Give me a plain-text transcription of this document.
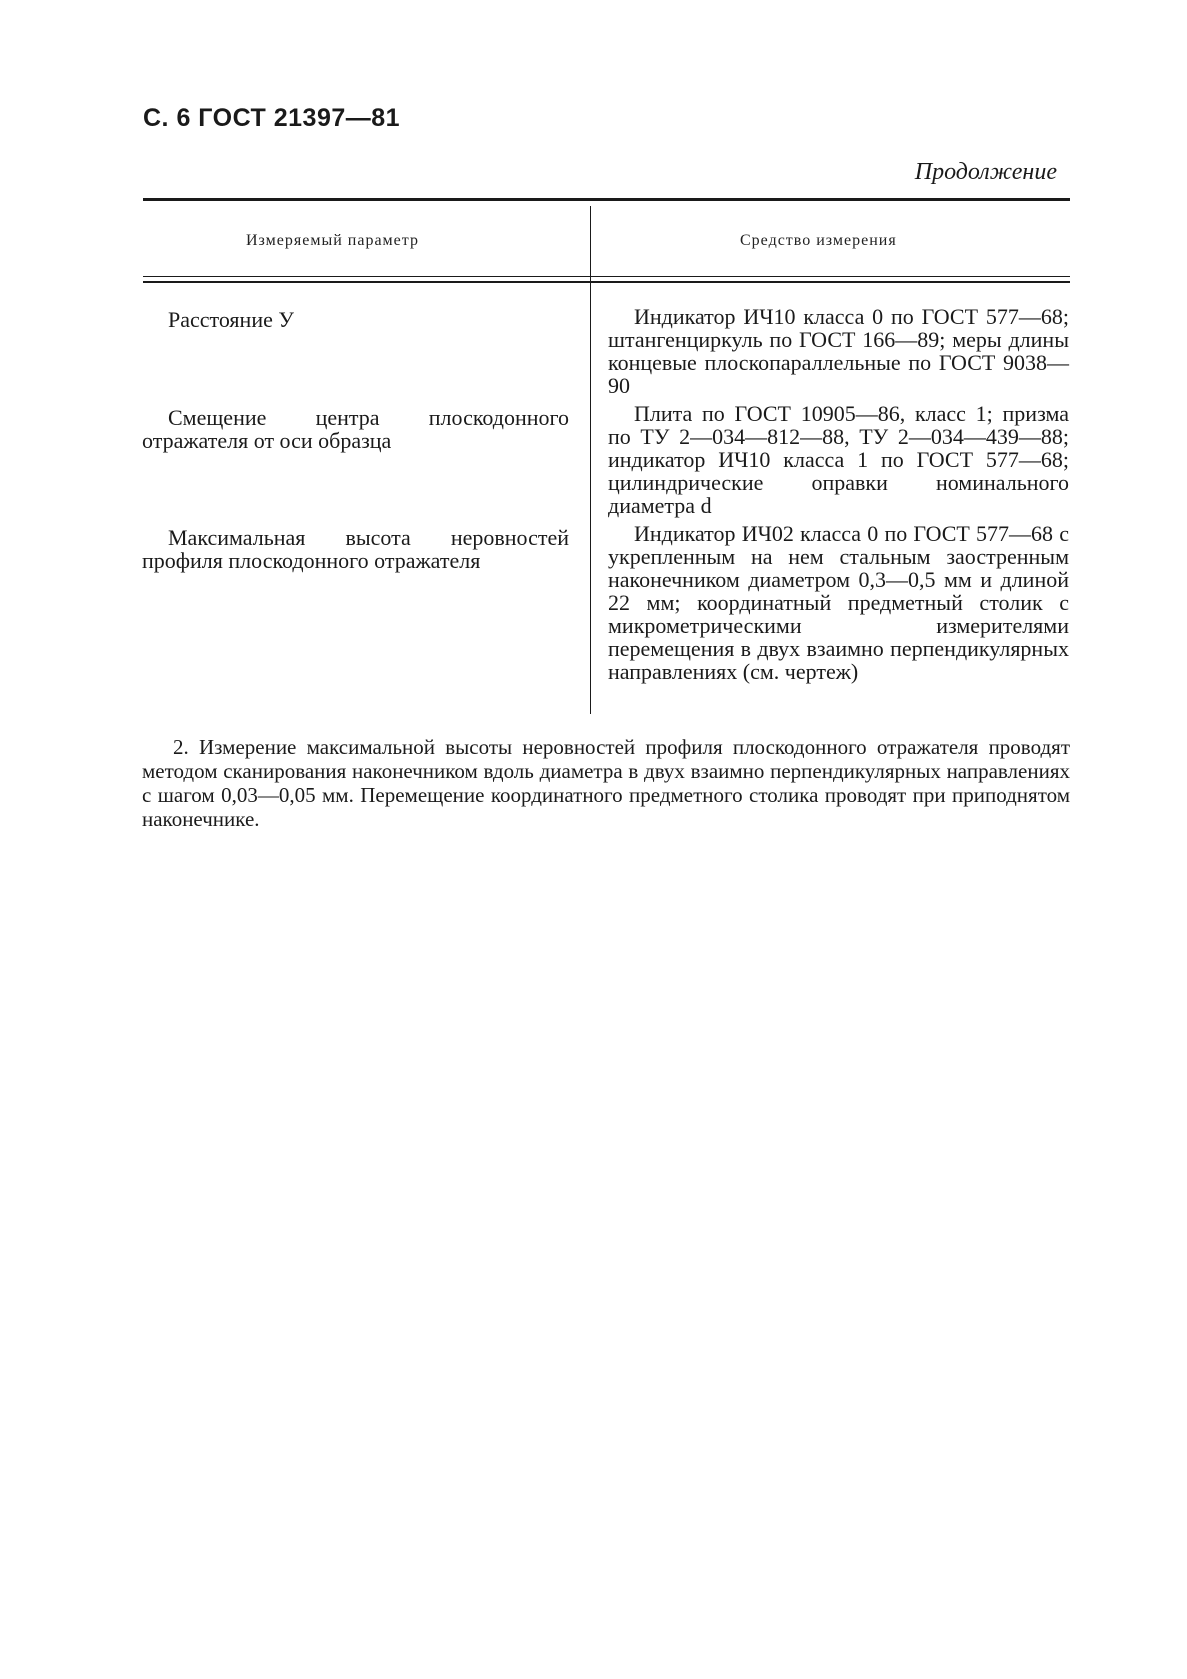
С. 6 ГОСТ 21397—81
Продолжение
Измеряемый параметр	Средство измерения

Расстояние У	Индикатор ИЧ10 класса 0 по ГОСТ 577—68; штангенциркуль по ГОСТ 166—89; меры длины концевые плоскопараллельные по ГОСТ 9038—90

Смещение центра плоскодонного отражателя от оси образца

Плита по ГОСТ 10905—86, класс 1; призма по ТУ 2—034—812—88, ТУ 2—034—439—88; индикатор ИЧ10 класса 1 по ГОСТ 577—68; цилиндрические оправки номинального диаметра d

Максимальная высота неровностей профиля плоскодонного отражателя

Индикатор ИЧ02 класса 0 по ГОСТ 577—68 с укрепленным на нем стальным заостренным наконечником диаметром 0,3—0,5 мм и длиной 22 мм; координатный предметный столик с микрометрическими измерителями перемещения в двух взаимно перпендикулярных направлениях (см. чертеж)

2. Измерение максимальной высоты неровностей профиля плоскодонного отражателя проводят методом сканирования наконечником вдоль диаметра в двух взаимно перпендикулярных направлениях с шагом 0,03—0,05 мм. Перемещение координатного предметного столика проводят при приподнятом наконечнике.
